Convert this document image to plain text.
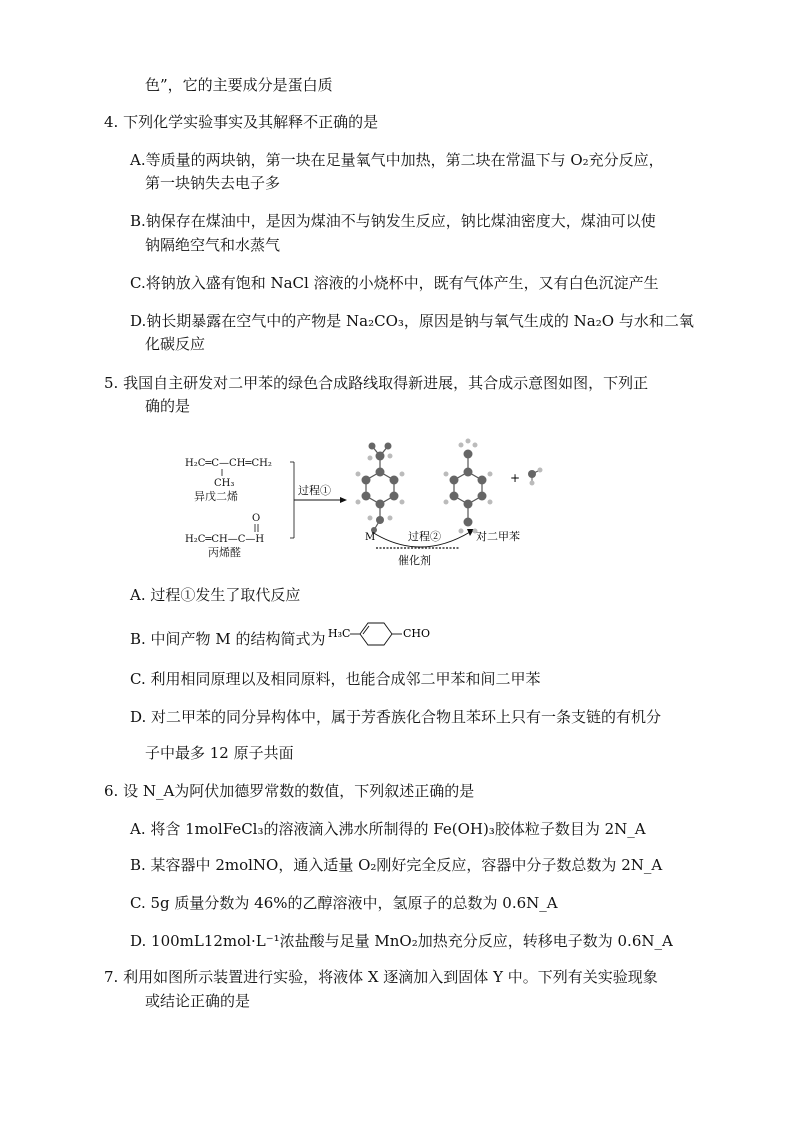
色”，它的主要成分是蛋白质
4. 下列化学实验事实及其解释不正确的是
A.等质量的两块钠，第一块在足量氧气中加热，第二块在常温下与 O₂充分反应，
第一块钠失去电子多
B.钠保存在煤油中，是因为煤油不与钠发生反应，钠比煤油密度大，煤油可以使
钠隔绝空气和水蒸气
C.将钠放入盛有饱和 NaCl 溶液的小烧杯中，既有气体产生，又有白色沉淀产生
D.钠长期暴露在空气中的产物是 Na₂CO₃，原因是钠与氧气生成的 Na₂O 与水和二氧
化碳反应
5. 我国自主研发对二甲苯的绿色合成路线取得新进展，其合成示意图如图，下列正
确的是
H₂C═C—CH═CH₂
CH₃
异戊二烯
O
H₂C═CH—C—H
丙烯醛
过程①
M	过程②
催化剂
对二甲苯
+
A. 过程①发生了取代反应
B. 中间产物 M 的结构简式为 H₃C	CHO
C. 利用相同原理以及相同原料，也能合成邻二甲苯和间二甲苯
D. 对二甲苯的同分异构体中，属于芳香族化合物且苯环上只有一条支链的有机分
子中最多 12 原子共面
6. 设 N_A为阿伏加德罗常数的数值，下列叙述正确的是
A. 将含 1molFeCl₃的溶液滴入沸水所制得的 Fe(OH)₃胶体粒子数目为 2N_A
B. 某容器中 2molNO，通入适量 O₂刚好完全反应，容器中分子数总数为 2N_A
C. 5g 质量分数为 46%的乙醇溶液中，氢原子的总数为 0.6N_A
D. 100mL12mol·L⁻¹浓盐酸与足量 MnO₂加热充分反应，转移电子数为 0.6N_A
7. 利用如图所示装置进行实验，将液体 X 逐滴加入到固体 Y 中。下列有关实验现象
或结论正确的是
